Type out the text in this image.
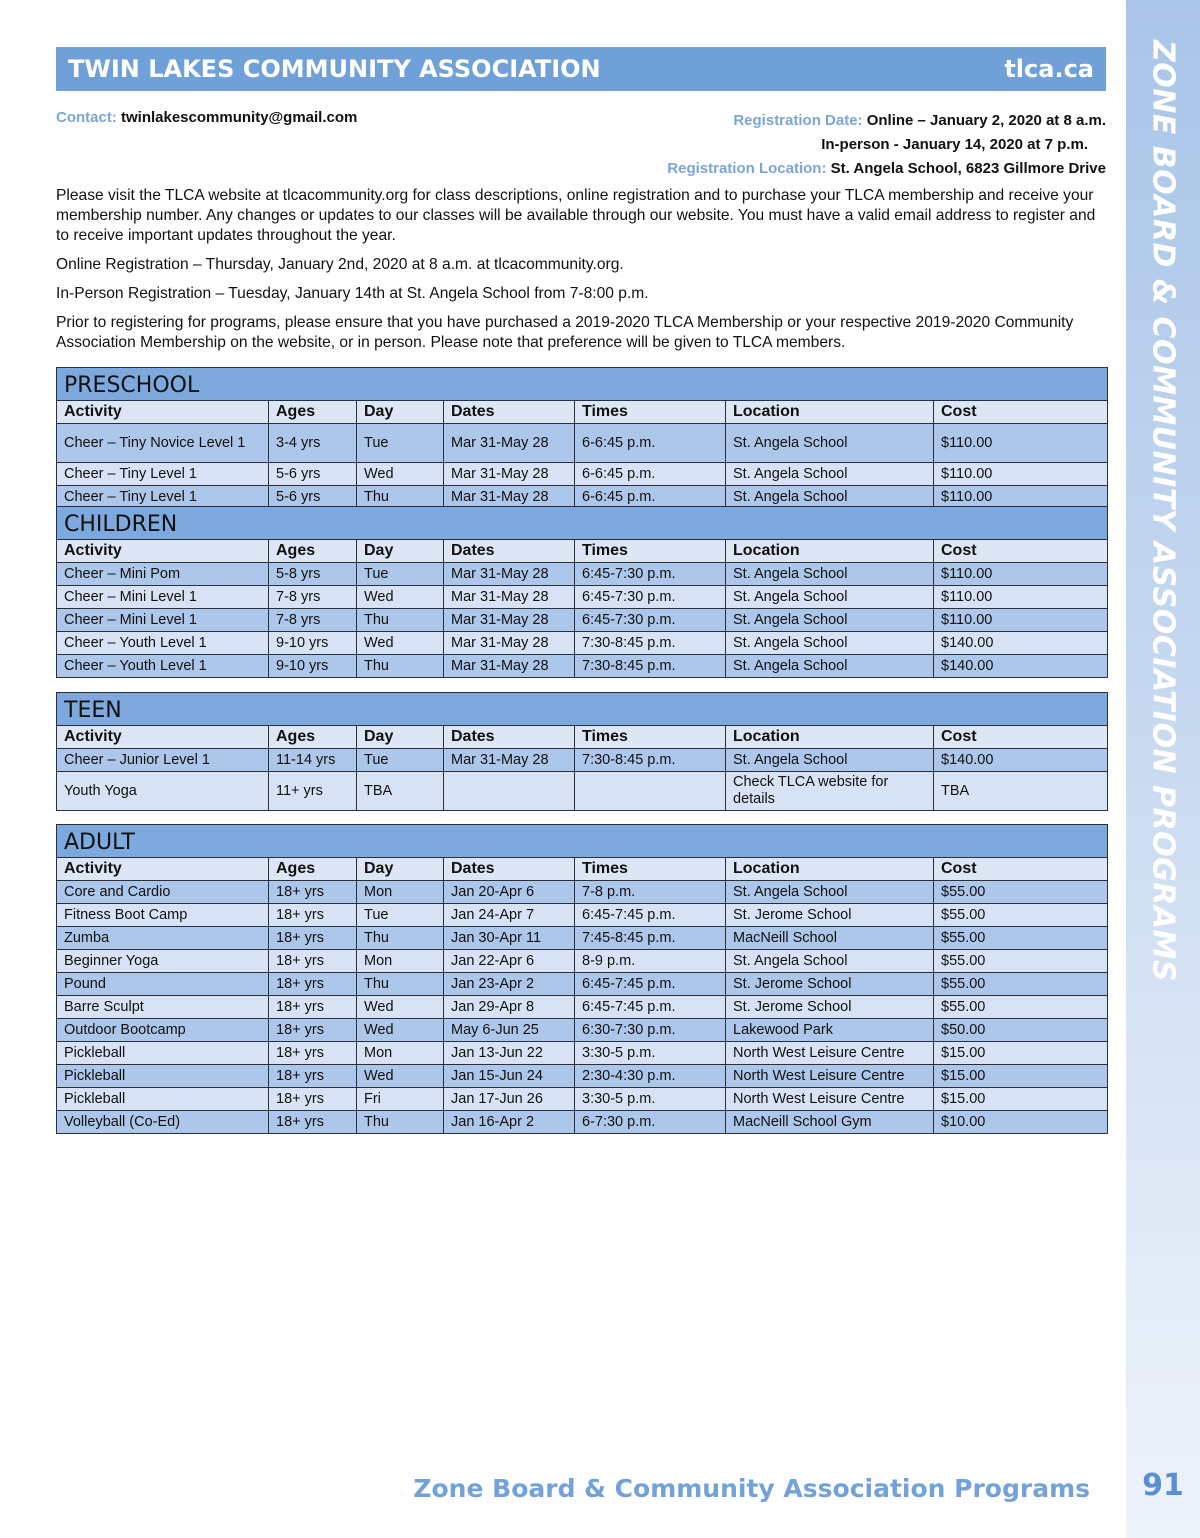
ZONE BOARD & COMMUNITY ASSOCIATION PROGRAMS
TWIN LAKES COMMUNITY ASSOCIATION	tlca.ca
Contact: twinlakescommunity@gmail.com	Registration Date: Online – January 2, 2020 at 8 a.m.
In-person - January 14, 2020 at 7 p.m.
Registration Location: St. Angela School, 6823 Gillmore Drive

Please visit the TLCA website at tlcacommunity.org for class descriptions, online registration and to purchase your TLCA membership and receive your membership number. Any changes or updates to our classes will be available through our website. You must have a valid email address to register and to receive important updates throughout the year.

Online Registration – Thursday, January 2nd, 2020 at 8 a.m. at tlcacommunity.org.

In-Person Registration – Tuesday, January 14th at St. Angela School from 7-8:00 p.m.

Prior to registering for programs, please ensure that you have purchased a 2019-2020 TLCA Membership or your respective 2019-2020 Community Association Membership on the website, or in person. Please note that preference will be given to TLCA members.

PRESCHOOL						
Activity	Ages	Day	Dates	Times	Location	Cost
Cheer – Tiny Novice Level 1	3-4 yrs	Tue	Mar 31-May 28	6-6:45 p.m.	St. Angela School	$110.00
Cheer – Tiny Level 1	5-6 yrs	Wed	Mar 31-May 28	6-6:45 p.m.	St. Angela School	$110.00
Cheer – Tiny Level 1	5-6 yrs	Thu	Mar 31-May 28	6-6:45 p.m.	St. Angela School	$110.00
CHILDREN						
Activity	Ages	Day	Dates	Times	Location	Cost
Cheer – Mini Pom	5-8 yrs	Tue	Mar 31-May 28	6:45-7:30 p.m.	St. Angela School	$110.00
Cheer – Mini Level 1	7-8 yrs	Wed	Mar 31-May 28	6:45-7:30 p.m.	St. Angela School	$110.00
Cheer – Mini Level 1	7-8 yrs	Thu	Mar 31-May 28	6:45-7:30 p.m.	St. Angela School	$110.00
Cheer – Youth Level 1	9-10 yrs	Wed	Mar 31-May 28	7:30-8:45 p.m.	St. Angela School	$140.00
Cheer – Youth Level 1	9-10 yrs	Thu	Mar 31-May 28	7:30-8:45 p.m.	St. Angela School	$140.00
TEEN						
Activity	Ages	Day	Dates	Times	Location	Cost
Cheer – Junior Level 1	11-14 yrs	Tue	Mar 31-May 28	7:30-8:45 p.m.	St. Angela School	$140.00
Youth Yoga	11+ yrs	TBA			Check TLCA website for details	TBA
ADULT						
Activity	Ages	Day	Dates	Times	Location	Cost
Core and Cardio	18+ yrs	Mon	Jan 20-Apr 6	7-8 p.m.	St. Angela School	$55.00
Fitness Boot Camp	18+ yrs	Tue	Jan 24-Apr 7	6:45-7:45 p.m.	St. Jerome School	$55.00
Zumba	18+ yrs	Thu	Jan 30-Apr 11	7:45-8:45 p.m.	MacNeill School	$55.00
Beginner Yoga	18+ yrs	Mon	Jan 22-Apr 6	8-9 p.m.	St. Angela School	$55.00
Pound	18+ yrs	Thu	Jan 23-Apr 2	6:45-7:45 p.m.	St. Jerome School	$55.00
Barre Sculpt	18+ yrs	Wed	Jan 29-Apr 8	6:45-7:45 p.m.	St. Jerome School	$55.00
Outdoor Bootcamp	18+ yrs	Wed	May 6-Jun 25	6:30-7:30 p.m.	Lakewood Park	$50.00
Pickleball	18+ yrs	Mon	Jan 13-Jun 22	3:30-5 p.m.	North West Leisure Centre	$15.00
Pickleball	18+ yrs	Wed	Jan 15-Jun 24	2:30-4:30 p.m.	North West Leisure Centre	$15.00
Pickleball	18+ yrs	Fri	Jan 17-Jun 26	3:30-5 p.m.	North West Leisure Centre	$15.00
Volleyball (Co-Ed)	18+ yrs	Thu	Jan 16-Apr 2	6-7:30 p.m.	MacNeill School Gym	$10.00
Zone Board & Community Association Programs	91
